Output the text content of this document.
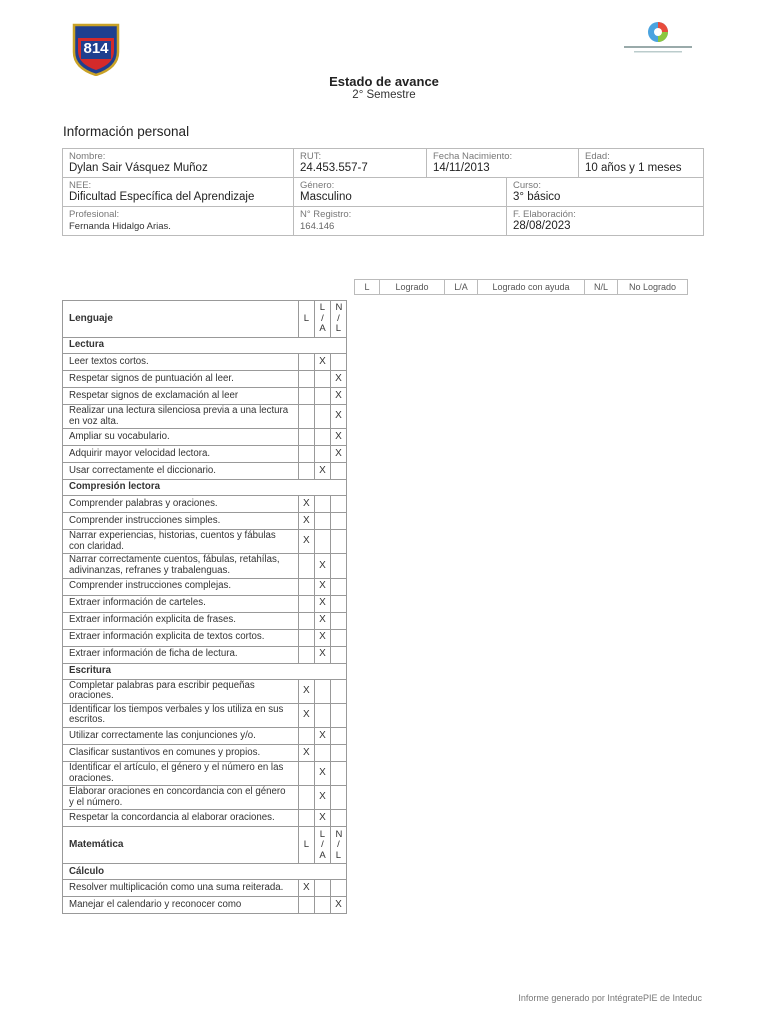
814
Estado de avance
2° Semestre
Información personal
Nombre:
Dylan Sair Vásquez Muñoz	RUT:
24.453.557-7	Fecha Nacimiento:
14/11/2013		Edad:
10 años y 1 meses

NEE:
Dificultad Específica del Aprendizaje	Género:
Masculino		Curso:
3° básico	

Profesional:
Fernanda Hidalgo Arias.	N° Registro:
164.146		F. Elaboración:
28/08/2023	
L	Logrado	L/A	Logrado con ayuda	N/L	No Logrado
Lenguaje	L	L / A	N / L
Lectura			
Leer textos cortos.		X	
Respetar signos de puntuación al leer.			X
Respetar signos de exclamación al leer			X
Realizar una lectura silenciosa previa a una lectura en voz alta.			X
Ampliar su vocabulario.			X
Adquirir mayor velocidad lectora.			X
Usar correctamente el diccionario.		X	
Compresión lectora			
Comprender palabras y oraciones.	X		
Comprender instrucciones simples.	X		
Narrar experiencias, historias, cuentos y fábulas con claridad.	X		
Narrar correctamente cuentos, fábulas, retahílas, adivinanzas, refranes y trabalenguas.		X	
Comprender instrucciones complejas.		X	
Extraer información de carteles.		X	
Extraer información explicita de frases.		X	
Extraer información explicita de textos cortos.		X	
Extraer información de ficha de lectura.		X	
Escritura			
Completar palabras para escribir pequeñas oraciones.	X		
Identificar los tiempos verbales y los utiliza en sus escritos.	X		
Utilizar correctamente las conjunciones y/o.		X	
Clasificar sustantivos en comunes y propios.	X		
Identificar el artículo, el género y el número en las oraciones.		X	
Elaborar oraciones en concordancia con el género y el número.		X	
Respetar la concordancia al elaborar oraciones.		X	
Matemática	L	L / A	N / L
Cálculo			
Resolver multiplicación como una suma reiterada.	X		
Manejar el calendario y reconocer como			X
Informe generado por IntégratePIE de Inteduc
